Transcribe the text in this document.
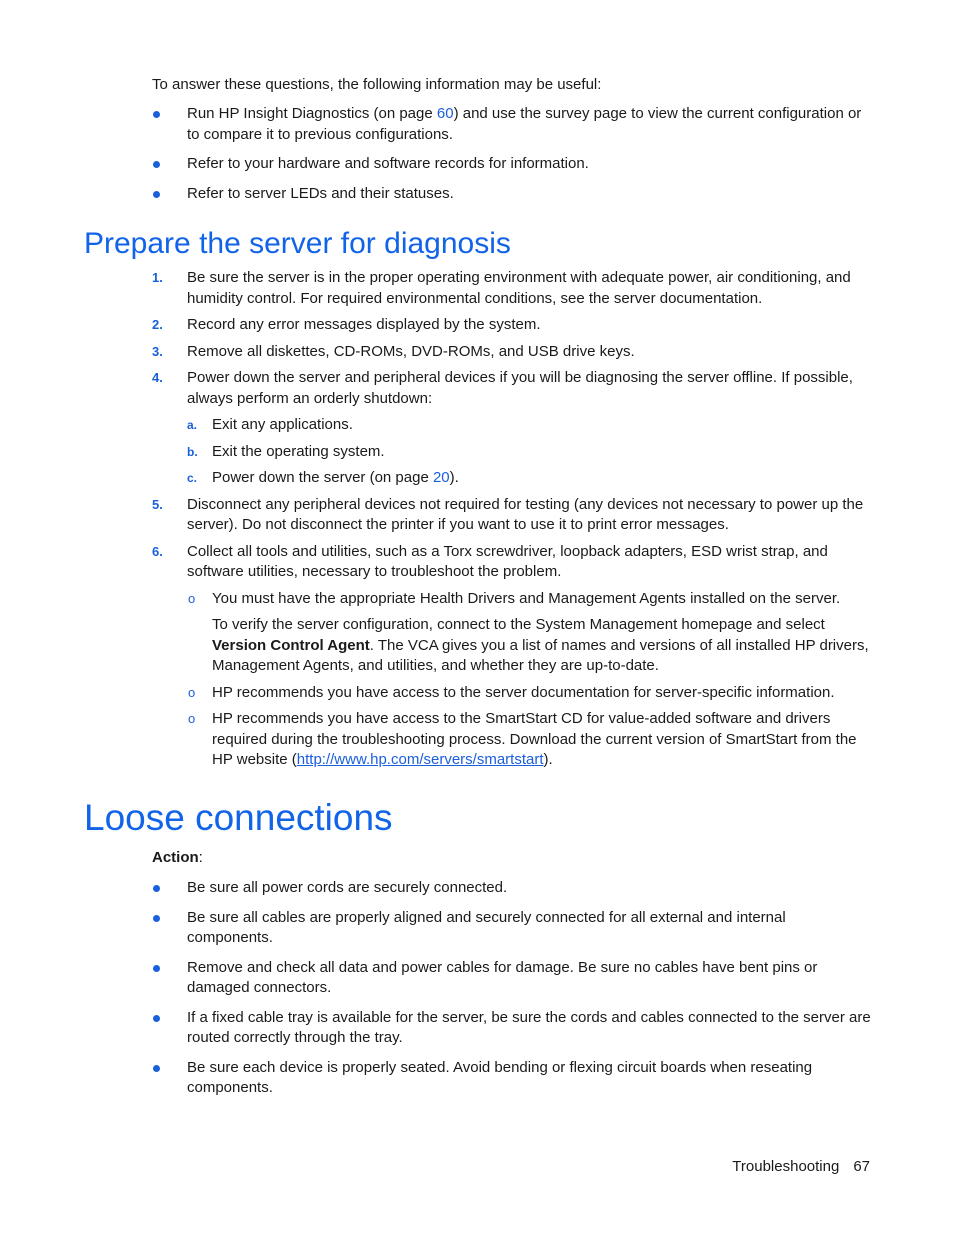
To answer these questions, the following information may be useful:
Run HP Insight Diagnostics (on page 60) and use the survey page to view the current configuration or to compare it to previous configurations.
Refer to your hardware and software records for information.
Refer to server LEDs and their statuses.
Prepare the server for diagnosis
1. Be sure the server is in the proper operating environment with adequate power, air conditioning, and humidity control. For required environmental conditions, see the server documentation.
2. Record any error messages displayed by the system.
3. Remove all diskettes, CD-ROMs, DVD-ROMs, and USB drive keys.
4. Power down the server and peripheral devices if you will be diagnosing the server offline. If possible, always perform an orderly shutdown:
a. Exit any applications.
b. Exit the operating system.
c. Power down the server (on page 20).
5. Disconnect any peripheral devices not required for testing (any devices not necessary to power up the server). Do not disconnect the printer if you want to use it to print error messages.
6. Collect all tools and utilities, such as a Torx screwdriver, loopback adapters, ESD wrist strap, and software utilities, necessary to troubleshoot the problem.
o You must have the appropriate Health Drivers and Management Agents installed on the server.
To verify the server configuration, connect to the System Management homepage and select Version Control Agent. The VCA gives you a list of names and versions of all installed HP drivers, Management Agents, and utilities, and whether they are up-to-date.
o HP recommends you have access to the server documentation for server-specific information.
o HP recommends you have access to the SmartStart CD for value-added software and drivers required during the troubleshooting process. Download the current version of SmartStart from the HP website (http://www.hp.com/servers/smartstart).
Loose connections
Action:
Be sure all power cords are securely connected.
Be sure all cables are properly aligned and securely connected for all external and internal components.
Remove and check all data and power cables for damage. Be sure no cables have bent pins or damaged connectors.
If a fixed cable tray is available for the server, be sure the cords and cables connected to the server are routed correctly through the tray.
Be sure each device is properly seated. Avoid bending or flexing circuit boards when reseating components.
Troubleshooting 67
